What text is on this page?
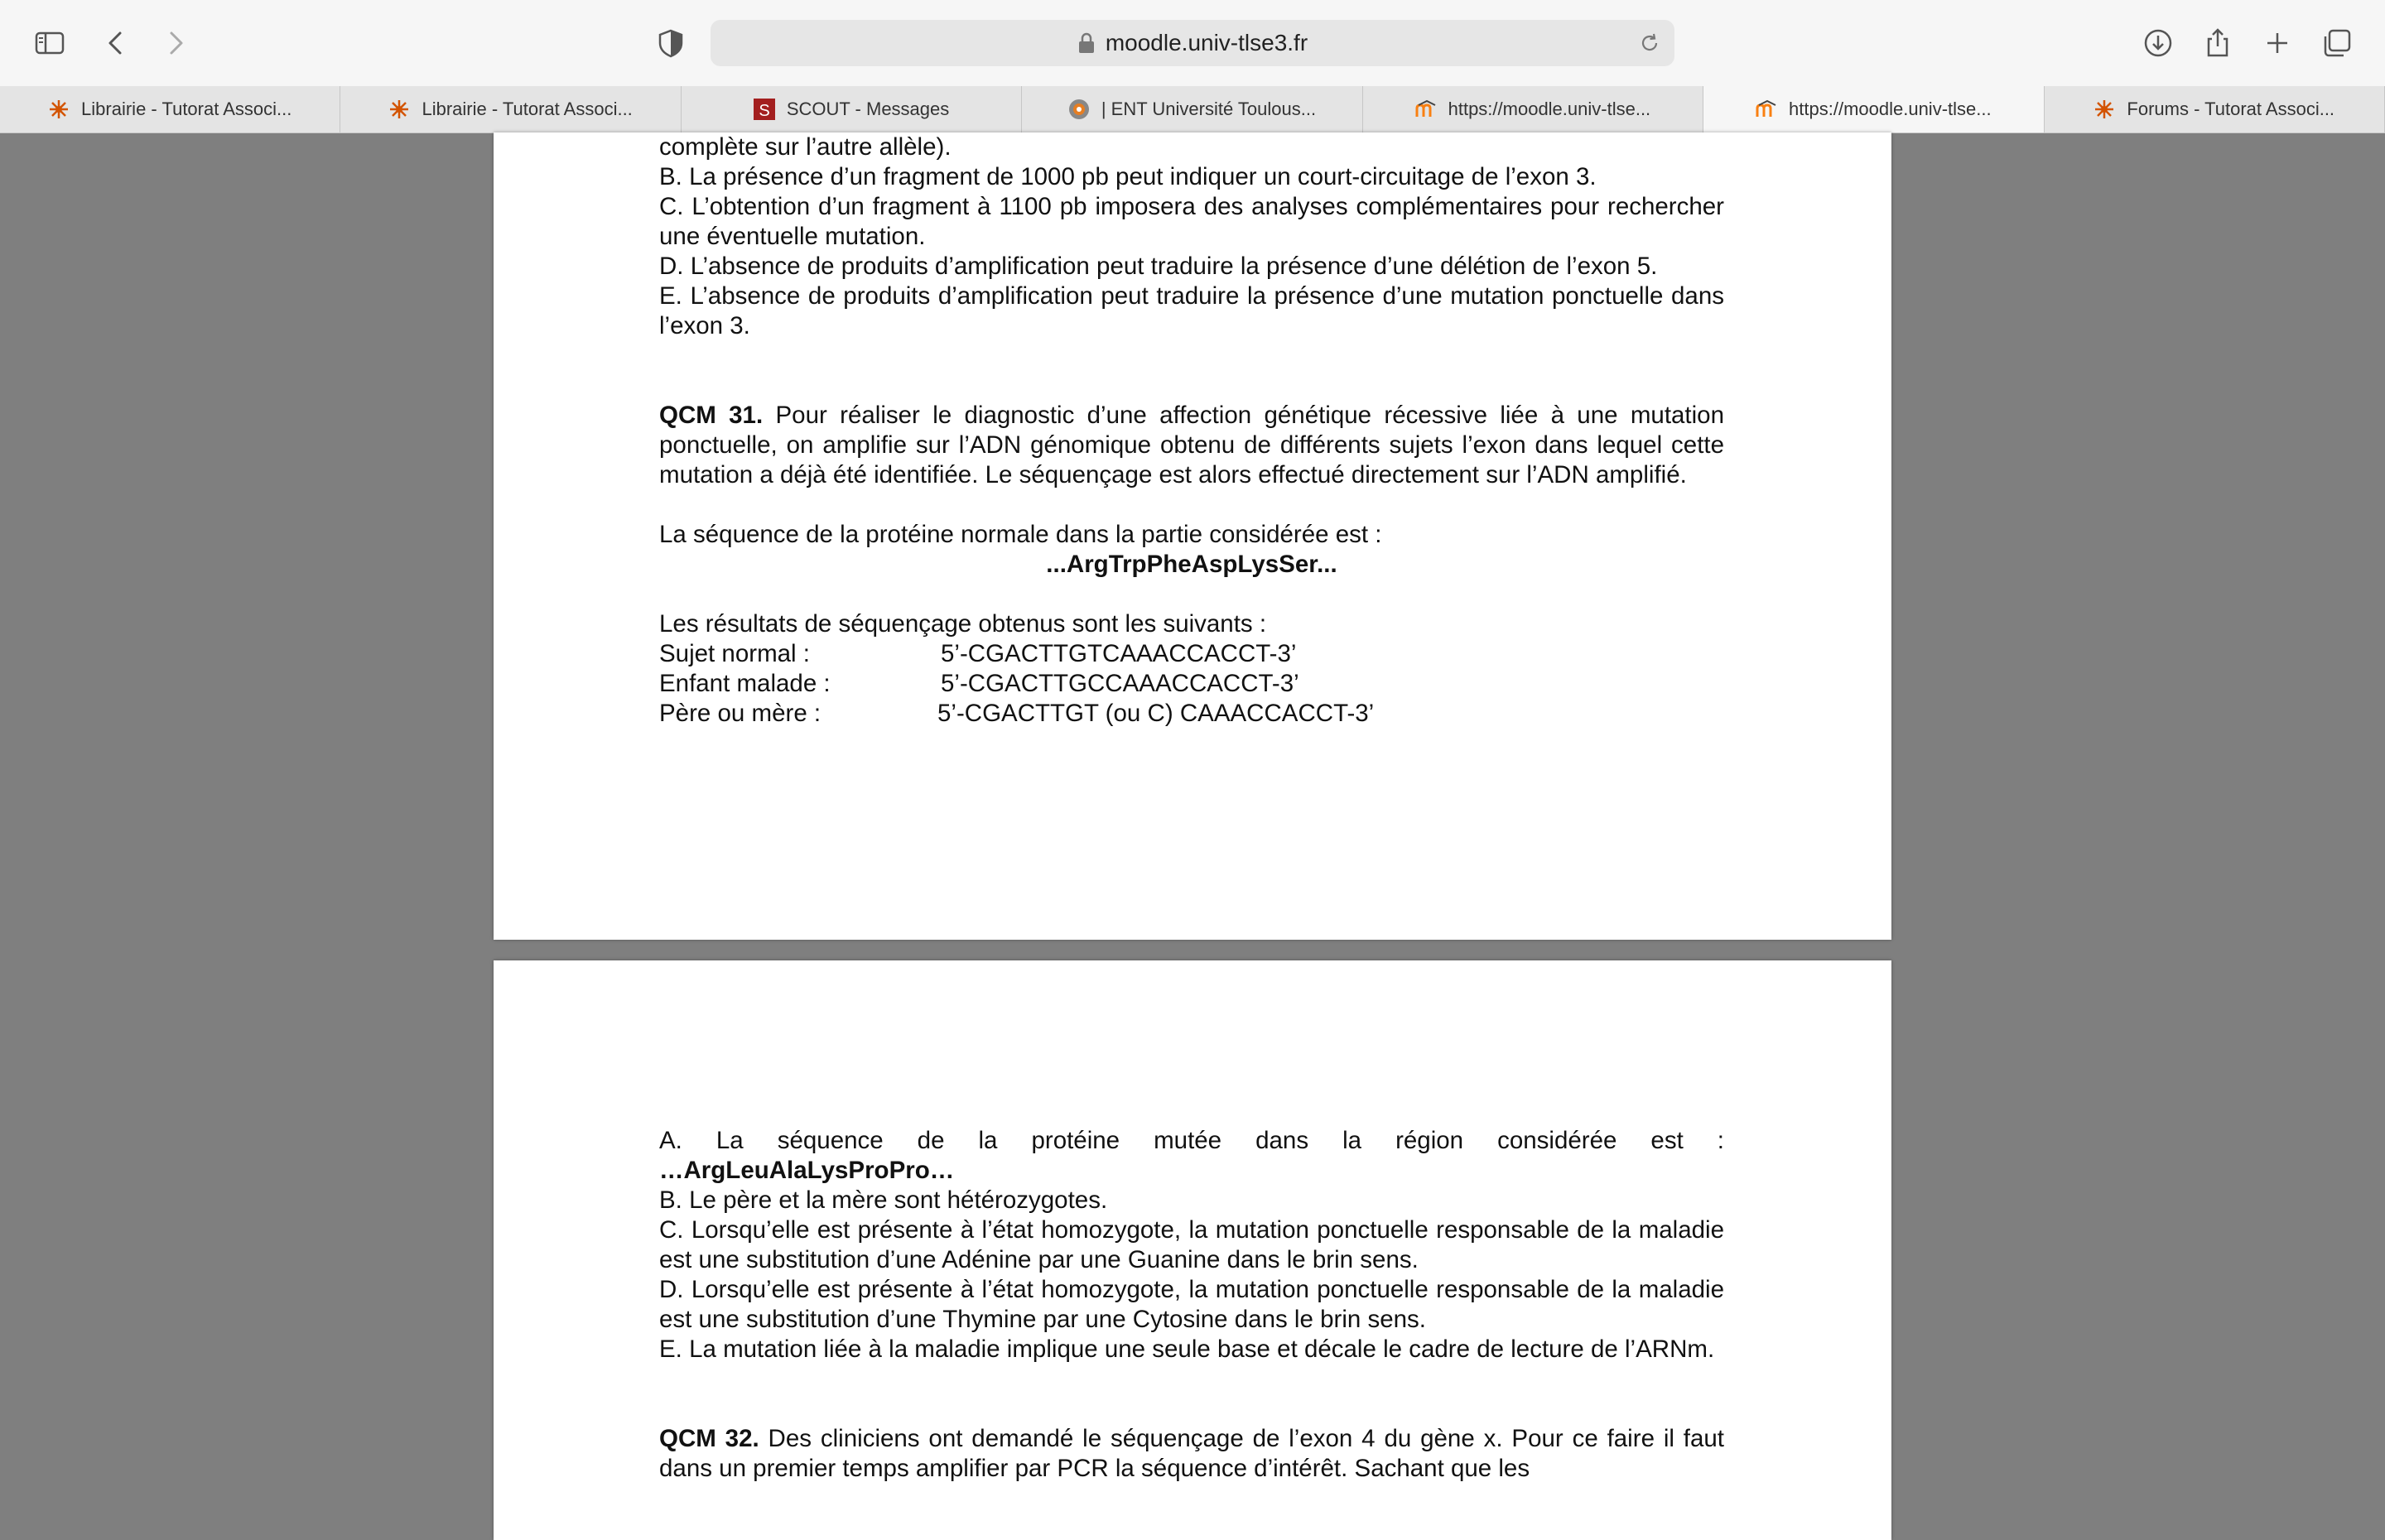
moodle.univ-tlse3.fr
Librairie - Tutorat Associ...	Librairie - Tutorat Associ...	S SCOUT - Messages	| ENT Université Toulous...	https://moodle.univ-tlse...	https://moodle.univ-tlse...	Forums - Tutorat Associ...
complète sur l’autre allèle).
B. La présence d’un fragment de 1000 pb peut indiquer un court-circuitage de l’exon 3.
C. L’obtention d’un fragment à 1100 pb imposera des analyses complémentaires pour rechercher une éventuelle mutation.
D. L’absence de produits d’amplification peut traduire la présence d’une délétion de l’exon 5.
E. L’absence de produits d’amplification peut traduire la présence d’une mutation ponctuelle dans l’exon 3.
QCM 31. Pour réaliser le diagnostic d’une affection génétique récessive liée à une mutation ponctuelle, on amplifie sur l’ADN génomique obtenu de différents sujets l’exon dans lequel cette mutation a déjà été identifiée. Le séquençage est alors effectué directement sur l’ADN amplifié.
La séquence de la protéine normale dans la partie considérée est :
...ArgTrpPheAspLysSer...
Les résultats de séquençage obtenus sont les suivants :
Sujet normal :	5’-CGACTTGTCAAACCACCT-3’
Enfant malade :	5’-CGACTTGCCAAACCACCT-3’
Père ou mère :	5’-CGACTTGT (ou C) CAAACCACCT-3’
A. La séquence de la protéine mutée dans la région considérée est :
…ArgLeuAlaLysProPro…
B. Le père et la mère sont hétérozygotes.
C. Lorsqu’elle est présente à l’état homozygote, la mutation ponctuelle responsable de la maladie est une substitution d’une Adénine par une Guanine dans le brin sens.
D. Lorsqu’elle est présente à l’état homozygote, la mutation ponctuelle responsable de la maladie est une substitution d’une Thymine par une Cytosine dans le brin sens.
E. La mutation liée à la maladie implique une seule base et décale le cadre de lecture de l’ARNm.
QCM 32. Des cliniciens ont demandé le séquençage de l’exon 4 du gène x. Pour ce faire il faut dans un premier temps amplifier par PCR la séquence d’intérêt. Sachant que les
